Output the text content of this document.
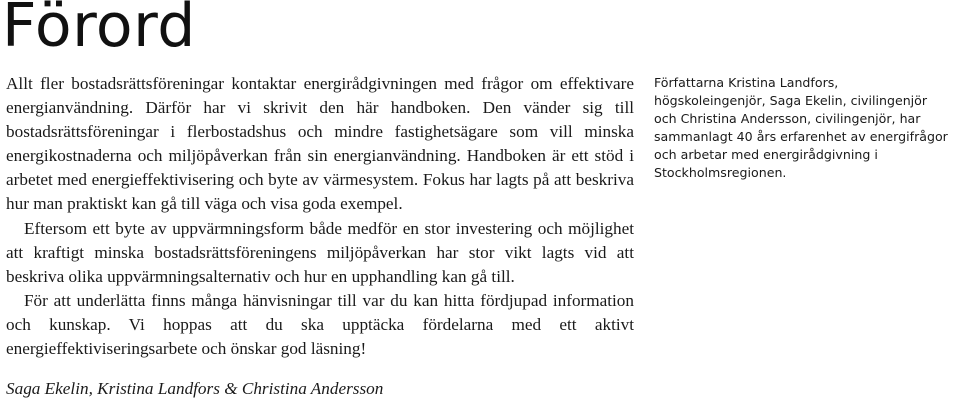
Förord

Allt fler bostadsrättsföreningar kontaktar energirådgivningen med frågor om effektivare energianvändning. Därför har vi skrivit den här handboken. Den vänder sig till bostadsrättsföreningar i flerbostadshus och mindre fastighetsägare som vill minska energikostnaderna och miljöpåverkan från sin energianvändning. Handboken är ett stöd i arbetet med energieffektivisering och byte av värmesystem. Fokus har lagts på att beskriva hur man praktiskt kan gå till väga och visa goda exempel.

Eftersom ett byte av uppvärmningsform både medför en stor investering och möjlighet att kraftigt minska bostadsrättsföreningens miljöpåverkan har stor vikt lagts vid att beskriva olika uppvärmningsalternativ och hur en upphandling kan gå till.

För att underlätta finns många hänvisningar till var du kan hitta fördjupad information och kunskap. Vi hoppas att du ska upptäcka fördelarna med ett aktivt energieffektiviseringsarbete och önskar god läsning!

Författarna Kristina Landfors, högskoleingenjör, Saga Ekelin, civilingenjör och Christina Andersson, civilingenjör, har sammanlagt 40 års erfarenhet av energifrågor och arbetar med energirådgivning i Stockholmsregionen.

Saga Ekelin, Kristina Landfors & Christina Andersson
